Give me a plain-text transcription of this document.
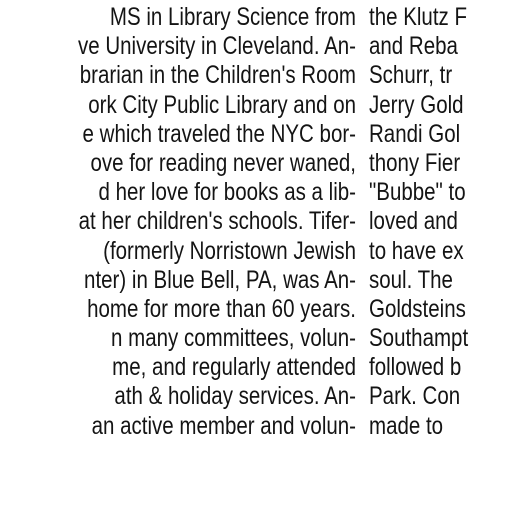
MS in Library Science from
ve University in Cleveland. An-
brarian in the Children's Room
ork City Public Library and on
e which traveled the NYC bor-
ove for reading never waned,
d her love for books as a lib-
at her children's schools. Tifer-
(formerly Norristown Jewish
nter) in Blue Bell, PA, was An-
home for more than 60 years.
n many committees, volun-
me, and regularly attended
ath & holiday services. An-
an active member and volun-
the Klutz F
and Reba
Schurr, tr
Jerry Gold
Randi Gol
thony Fier
"Bubbe" to
loved and
to have ex
soul. The
Goldsteins
Southampt
followed b
Park. Con
made to
